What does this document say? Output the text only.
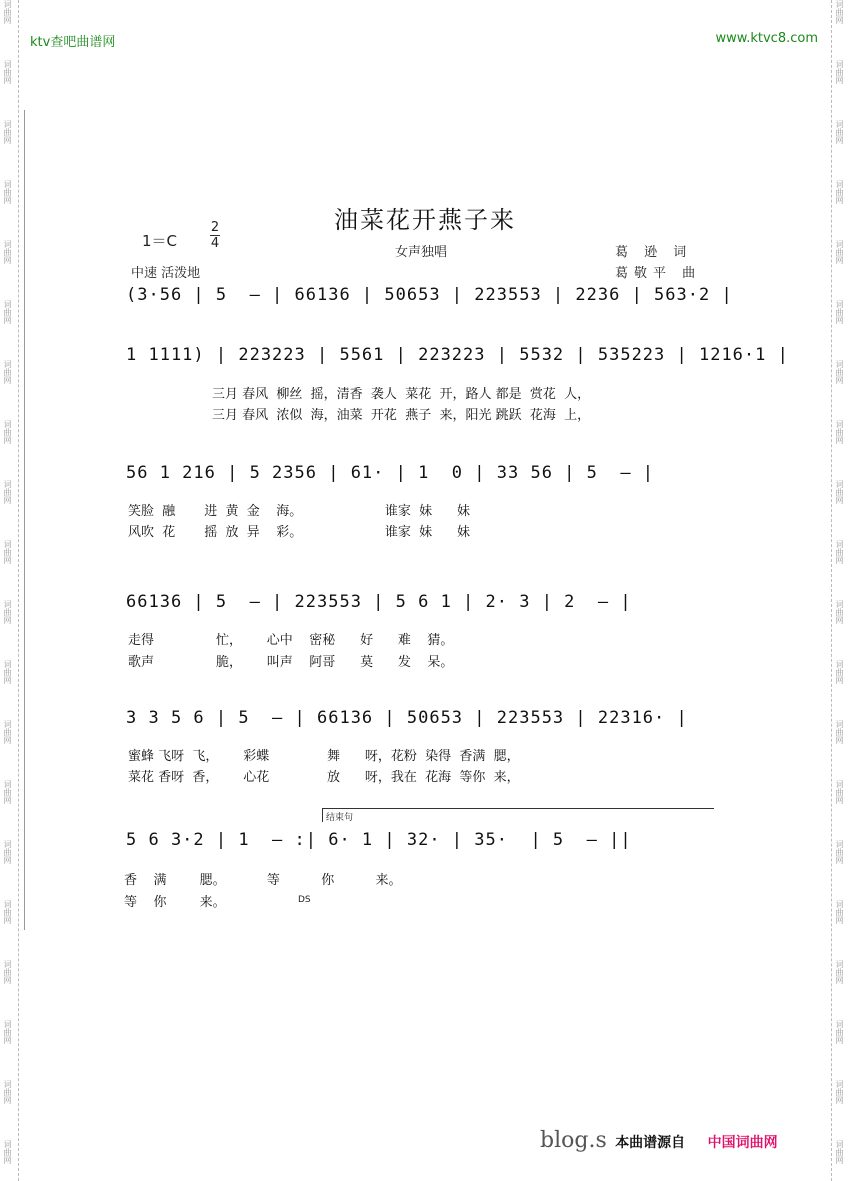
词曲网
词曲网
词曲网
词曲网
词曲网
词曲网
词曲网
词曲网
词曲网
词曲网
词曲网
词曲网
词曲网
词曲网
词曲网
词曲网
词曲网
词曲网
词曲网
词曲网
词曲网
词曲网
词曲网
词曲网
词曲网
词曲网
词曲网
词曲网
词曲网
词曲网
词曲网
词曲网
词曲网
词曲网
词曲网
词曲网
词曲网
词曲网
词曲网
词曲网
ktv查吧曲谱网	www.ktvc8.com
油菜花开燕子来
1＝C
2
4
女声独唱
中速 活泼地
葛 逊 词
葛敬平 曲
(3·56 | 5  — | 66136 | 50653 | 223553 | 2236 | 563·2 |
1 1111) | 223223 | 5561 | 223223 | 5532 | 535223 | 1216·1 |
三月 春风  柳丝  摇，清香  袭人  菜花  开，路人 都是  赏花  人，
三月 春风  浓似  海，油菜  开花  燕子  来，阳光 跳跃  花海  上，
56 1 216 | 5 2356 | 61· | 1  0 | 33 56 | 5  — |
笑脸  融       进  黄  金    海。                    谁家  妹      妹
风吹  花       摇  放  异    彩。                    谁家  妹      妹
66136 | 5  — | 223553 | 5 6 1 | 2· 3 | 2  — |
走得               忙，      心中    密秘      好      难    猜。
歌声               脆，      叫声    阿哥      莫      发    呆。
3 3 5 6 | 5  — | 66136 | 50653 | 223553 | 22316· |
蜜蜂 飞呀  飞，      彩蝶              舞      呀，花粉  染得  香满  腮，
菜花 香呀  香，      心花              放      呀，我在  花海  等你  来，
结束句
5 6 3·2 | 1  — :| 6· 1 | 32· | 35·  | 5  — ||
香    满        腮。          等          你          来。
等    你        来。	DS
blog.s 本曲谱源自 中国词曲网
